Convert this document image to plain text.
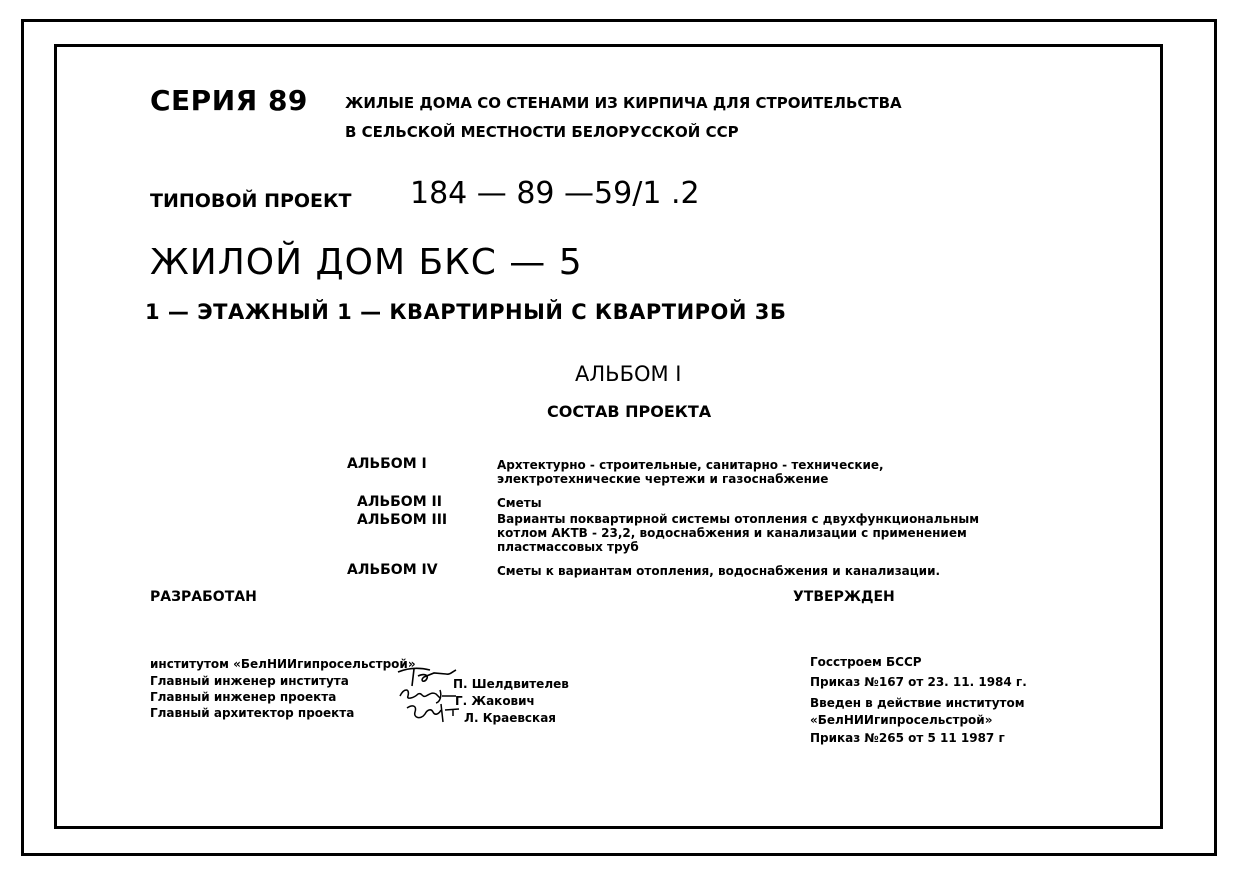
СЕРИЯ 89 ЖИЛЫЕ ДОМА СО СТЕНАМИ ИЗ КИРПИЧА ДЛЯ СТРОИТЕЛЬСТВА
В СЕЛЬСКОЙ МЕСТНОСТИ БЕЛОРУССКОЙ ССР
ТИПОВОЙ ПРОЕКТ 184 — 89 —59/1 .2
ЖИЛОЙ ДОМ БКС — 5
1 — ЭТАЖНЫЙ 1 — КВАРТИРНЫЙ С КВАРТИРОЙ 3Б
АЛЬБОМ I
СОСТАВ ПРОЕКТА
АЛЬБОМ I	Архтектурно - строительные, санитарно - технические,
электротехнические чертежи и газоснабжение
АЛЬБОМ II	Сметы
АЛЬБОМ III	Варианты поквартирной системы отопления с двухфункциональным
котлом АКТВ - 23,2, водоснабжения и канализации с применением
пластмассовых труб
АЛЬБОМ IV	Сметы к вариантам отопления, водоснабжения и канализации.
РАЗРАБОТАН
институтом «БелНИИгипросельстрой»
Главный инженер института	П. Шелдвителев
Главный инженер проекта	Г. Жакович
Главный архитектор проекта	Л. Краевская
УТВЕРЖДЕН
Госстроем БССР
Приказ №167 от 23. 11. 1984 г.
Введен в действие институтом
«БелНИИгипросельстрой»
Приказ №265 от 5 11 1987 г
